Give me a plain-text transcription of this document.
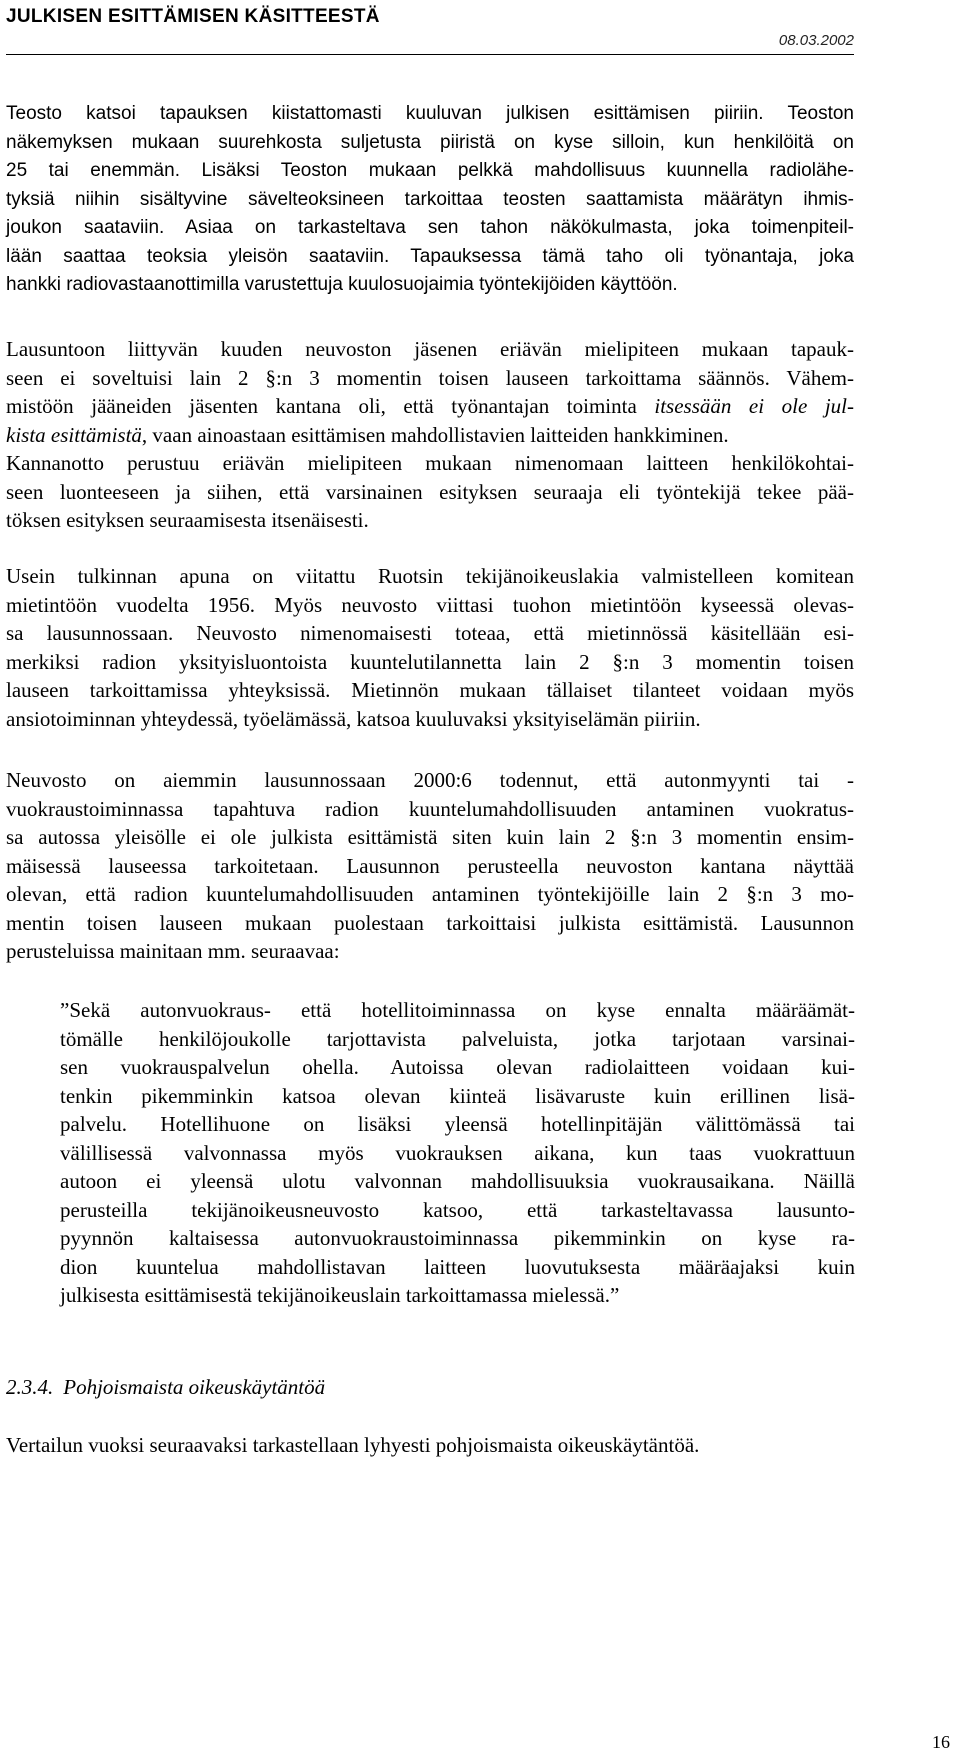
JULKISEN ESITTÄMISEN KÄSITTEESTÄ
08.03.2002
Teosto katsoi tapauksen kiistattomasti kuuluvan julkisen esittämisen piiriin. Teoston
näkemyksen mukaan suurehkosta suljetusta piiristä on kyse silloin, kun henkilöitä on
25 tai enemmän. Lisäksi Teoston mukaan pelkkä mahdollisuus kuunnella radiolähe-
tyksiä niihin sisältyvine sävelteoksineen tarkoittaa teosten saattamista määrätyn ihmis-
joukon saataviin. Asiaa on tarkasteltava sen tahon näkökulmasta, joka toimenpiteil-
lään saattaa teoksia yleisön saataviin. Tapauksessa tämä taho oli työnantaja, joka
hankki radiovastaanottimilla varustettuja kuulosuojaimia työntekijöiden käyttöön.
Lausuntoon liittyvän kuuden neuvoston jäsenen eriävän mielipiteen mukaan tapauk-
seen ei soveltuisi lain 2 §:n 3 momentin toisen lauseen tarkoittama säännös. Vähem-
mistöön jääneiden jäsenten kantana oli, että työnantajan toiminta itsessään ei ole jul-
kista esittämistä, vaan ainoastaan esittämisen mahdollistavien laitteiden hankkiminen.
Kannanotto perustuu eriävän mielipiteen mukaan nimenomaan laitteen henkilökohtai-
seen luonteeseen ja siihen, että varsinainen esityksen seuraaja eli työntekijä tekee pää-
töksen esityksen seuraamisesta itsenäisesti.
Usein tulkinnan apuna on viitattu Ruotsin tekijänoikeuslakia valmistelleen komitean
mietintöön vuodelta 1956. Myös neuvosto viittasi tuohon mietintöön kyseessä olevas-
sa lausunnossaan. Neuvosto nimenomaisesti toteaa, että mietinnössä käsitellään esi-
merkiksi radion yksityisluontoista kuuntelutilannetta lain 2 §:n 3 momentin toisen
lauseen tarkoittamissa yhteyksissä. Mietinnön mukaan tällaiset tilanteet voidaan myös
ansiotoiminnan yhteydessä, työelämässä, katsoa kuuluvaksi yksityiselämän piiriin.
Neuvosto on aiemmin lausunnossaan 2000:6 todennut, että autonmyynti tai -
vuokraustoiminnassa tapahtuva radion kuuntelumahdollisuuden antaminen vuokratus-
sa autossa yleisölle ei ole julkista esittämistä siten kuin lain 2 §:n 3 momentin ensim-
mäisessä lauseessa tarkoitetaan. Lausunnon perusteella neuvoston kantana näyttää
olevan, että radion kuuntelumahdollisuuden antaminen työntekijöille lain 2 §:n 3 mo-
mentin toisen lauseen mukaan puolestaan tarkoittaisi julkista esittämistä. Lausunnon
perusteluissa mainitaan mm. seuraavaa:
”Sekä autonvuokraus- että hotellitoiminnassa on kyse ennalta määräämät-
tömälle henkilöjoukolle tarjottavista palveluista, jotka tarjotaan varsinai-
sen vuokrauspalvelun ohella. Autoissa olevan radiolaitteen voidaan kui-
tenkin pikemminkin katsoa olevan kiinteä lisävaruste kuin erillinen lisä-
palvelu. Hotellihuone on lisäksi yleensä hotellinpitäjän välittömässä tai
välillisessä valvonnassa myös vuokrauksen aikana, kun taas vuokrattuun
autoon ei yleensä ulotu valvonnan mahdollisuuksia vuokrausaikana. Näillä
perusteilla tekijänoikeusneuvosto katsoo, että tarkasteltavassa lausunto-
pyynnön kaltaisessa autonvuokraustoiminnassa pikemminkin on kyse ra-
dion kuuntelua mahdollistavan laitteen luovutuksesta määräajaksi kuin
julkisesta esittämisestä tekijänoikeuslain tarkoittamassa mielessä.”
2.3.4. Pohjoismaista oikeuskäytäntöä
Vertailun vuoksi seuraavaksi tarkastellaan lyhyesti pohjoismaista oikeuskäytäntöä.
16
